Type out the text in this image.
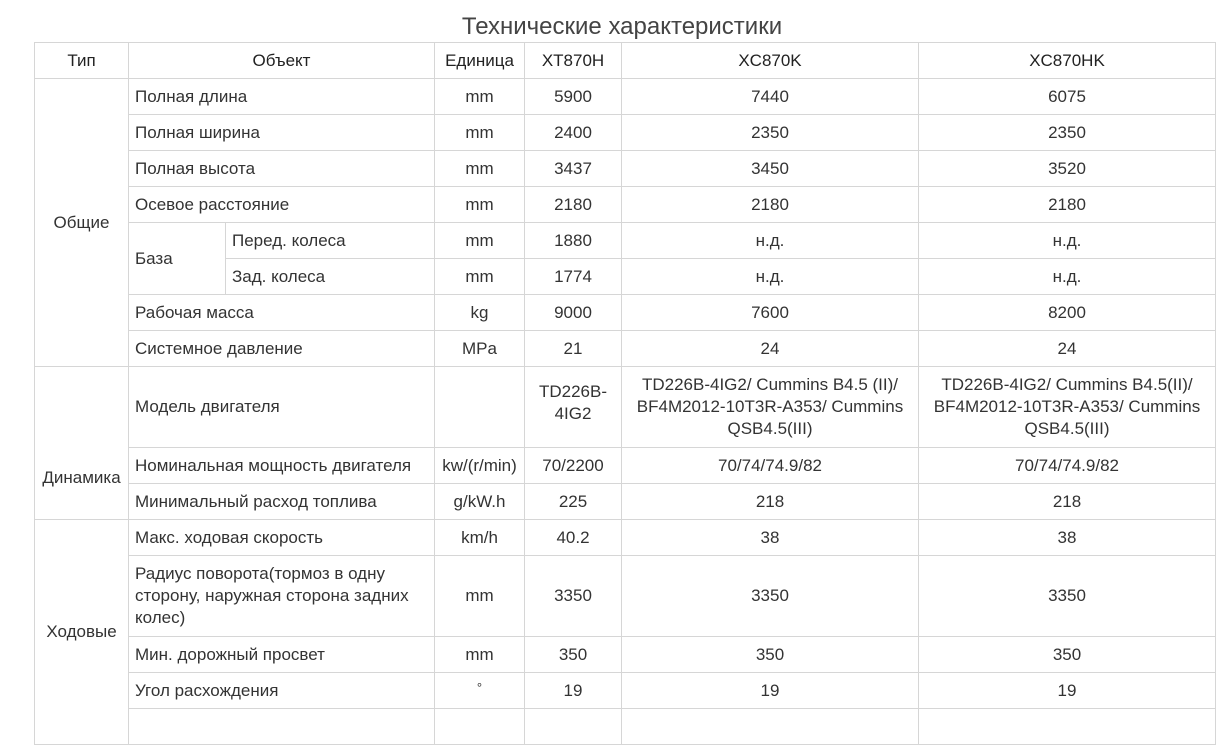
Технические характеристики
Тип	Объект		Единица	XT870H	XC870K	XC870HK
Общие	Полная длина		mm	5900	7440	6075
	Полная ширина		mm	2400	2350	2350
	Полная высота		mm	3437	3450	3520
	Осевое расстояние		mm	2180	2180	2180
	База	Перед. колеса	mm	1880	н.д.	н.д.
		Зад. колеса	mm	1774	н.д.	н.д.
	Рабочая масса		kg	9000	7600	8200
	Системное давление		MPa	21	24	24
Динамика	Модель двигателя			TD226B-4IG2	TD226B-4IG2/ Cummins B4.5 (II)/ BF4M2012-10T3R-A353/ Cummins QSB4.5(III)	TD226B-4IG2/ Cummins B4.5(II)/ BF4M2012-10T3R-A353/ Cummins QSB4.5(III)
	Номинальная мощность двигателя		kw/(r/min)	70/2200	70/74/74.9/82	70/74/74.9/82
	Минимальный расход топлива		g/kW.h	225	218	218
Ходовые	Макс. ходовая скорость		km/h	40.2	38	38
	Радиус поворота(тормоз в одну сторону, наружная сторона задних колес)		mm	3350	3350	3350
	Мин. дорожный просвет		mm	350	350	350
	Угол расхождения		°	19	19	19
